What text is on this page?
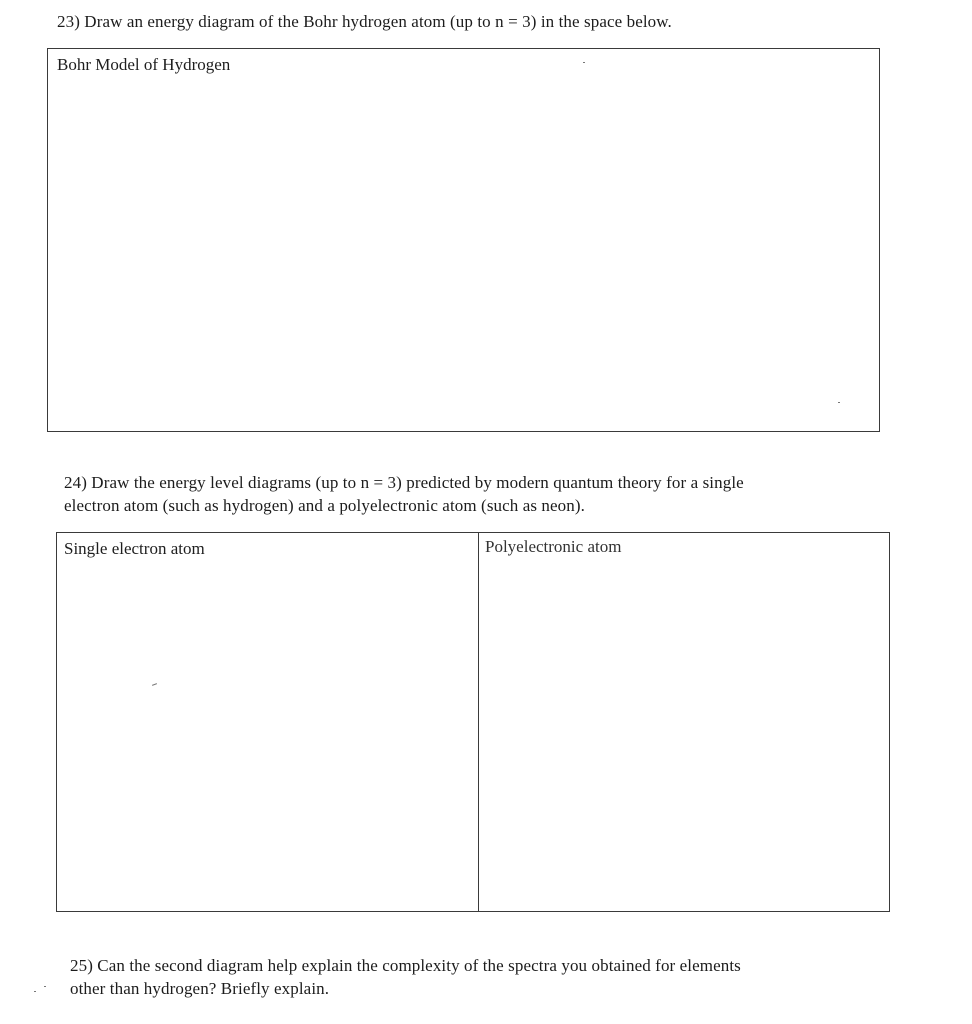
23) Draw an energy diagram of the Bohr hydrogen atom (up to n = 3) in the space below.
Bohr Model of Hydrogen
24) Draw the energy level diagrams (up to n = 3) predicted by modern quantum theory for a single
electron atom (such as hydrogen) and a polyelectronic atom (such as neon).
Single electron atom	Polyelectronic atom
25) Can the second diagram help explain the complexity of the spectra you obtained for elements
other than hydrogen? Briefly explain.
